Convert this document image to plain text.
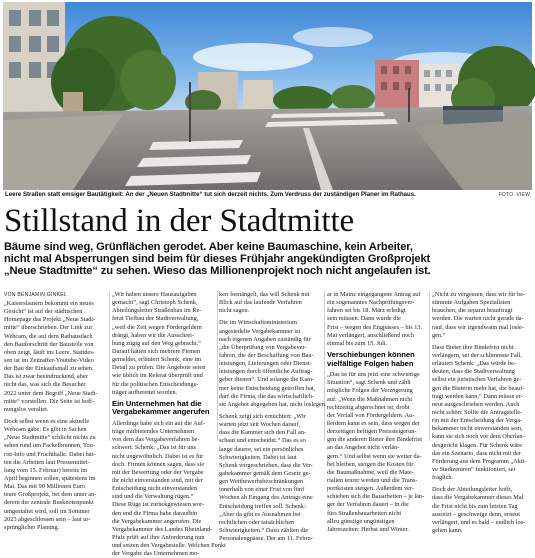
Leere Straßen statt emsiger Bautätigkeit: An der „Neuen Stadtmitte“ tut sich derzeit nichts. Zum Verdruss der zuständigen Planer im Rathaus.	FOTO: VIEW
Stillstand in der Stadtmitte
Bäume sind weg, Grünflächen gerodet. Aber keine Baumaschine, kein Arbeiter,
nicht mal Absperrungen sind beim für dieses Frühjahr angekündigten Großprojekt
„Neue Stadtmitte“ zu sehen. Wieso das Millionenprojekt noch nicht angelaufen ist.
VON BENJAMIN GINKEL
„Kaiserslautern bekommt ein neues
Gesicht“ ist auf der städtischen
Homepage das Projekt „Neue Stadt-
mitte“ überschrieben. Der Link zur
Webcam, die auf dem Rathausdach
den Bauforschritt der Baustelle von
oben zeigt, läuft ins Leere. Stattdes-
sen ist im Zeitraffer-Youtube-Video
der Bau der Einkaufsmall zu sehen.
Das ist zwar beeindruckend, aber
nicht das, was sich die Besucher
2022 unter dem Begriff „Neue Stadt-
mitte“ vorstellen. Die Seite ist hoff-
nungslos veraltet.
Doch selbst wenn es eine aktuelle
Webcam gäbe: Es gibt in Sachen
„Neue Stadtmitte“ schlicht nichts zu
sehen rund um Fackelbrunnen, Tou-
rist-Info und Fruchthalle. Dabei hät-
ten die Arbeiten laut Pressemittei-
lung vom 15. Februar) bereits im
April beginnen sollen, spätestens im
Mai. Das mit 90 Millionen Euro
teure Großprojekt, bei dem unter an-
derem der zentrale Busknotenpunkt
umgestaltet wird, soll im Sommer
2023 abgeschlossen sein – laut ur-
sprünglicher Planung.
„Wir haben unsere Hausaufgaben
gemacht“, sagt Christoph Schenk,
Abteilungsleiter Straßenbau im Re-
ferat Tiefbau der Stadtverwaltung,
„weil die Zeit wegen Fördergeldern
drängt, haben wir die Ausschrei-
bung zügig auf den Weg gebracht.“
Darauf hätten sich mehrere Firmen
gemeldet, erläutert Schenk, eine im
Detail zu prüfen. Die Angebote seien
wie üblich im Referat überprüft und
für die politischen Entscheidungs-
träger aufbereitet worden.
Ein Unternehmen hat die
Vergabekammer angerufen
Allerdings habe sich ein auf die Auf-
träge mitbietendes Unternehmen
von dem das Vergabeverfahren be-
schwert. Schenk: „Das ist für uns
nicht ungewöhnlich. Dabei ist es für
doch. Firmen können sagen, dass sie
mit der Bewertung oder der Vergabe
ihr nicht einverstanden sind, mit der
Entscheidung nicht einverstanden
sind und die Verwaltung rügen.“
Diese Rüge ist zurückgewiesen wor-
den und die Firma habe daraufhin
die Vergabekammer angerufen. Die
Vergabekammer des Landes Rheinland-
Pfalz prüft auf ihre Anforderung nun
und setzen den Vergabestelle. Welchen Punkt
der Vergabe das Unternehmen mo-
kert bemängelt, das will Schenk mit
Blick auf das laufende Verfahren
nicht sagen.
Die im Wirtschaftsministerium
angesiedelte Vergabekammer ist
nach eigenen Angaben zuständig für
„die Überprüfung von Vergabever-
fahren, die der Beschaffung von Bau-
leistungen, Lieferungen oder Dienst-
leistungen durch öffentliche Auftrag-
geber dienen“. Und solange die Kam-
mer keine Entscheidung getroffen hat,
darf die Firma, die das wirtschaftlich-
ste Angebot abgegeben hat, nicht loslegen.
Schenk zeigt sich ernüchtert: „Wir
warten jetzt seit Wochen darauf,
dass die Kammer sich den Fall an-
schaut und entscheidet.“ Das es so
lange dauere, sei ein persönliches
Schwierigkeiten. Dabei ist laut
Schenk vorgeschrieben, dass die Ver-
gabekammer gemäß dem Gesetz ge-
gen Wettbewerbsbeschränkungen
innerhalb von einer Frist von fünf
Wochen ab Eingang des Antrags eine
Entscheidung treffen soll. Schenk:
„Aber da gibt es Ausnahmen bei
rechtlichen oder tatsächlichen
Schwierigkeiten.“ Dazu zählten die
Personalengpässe. Der am 11. Febru-
ar in Mainz eingegangene Antrag auf
ein sogenanntes Nachprüfungsver-
fahren sei bis 18. März erledigt
sein müssen. Dann wurde die
Frist – wegen des Engpasses – bis 13.
Mai verlängert, anschließend noch
einmal bis zum 15. Juli.
Verschiebungen können
vielfältige Folgen haben
„Das ist für uns jetzt eine schwierige
Situation“, sagt Schenk und zählt
mögliche Folgen der Verzögerung
auf: „Wenn die Maßnahmen nicht
rechtzeitig abgerechnet ist, droht
der Verfall von Fördergeldern. Au-
ßerdem kann es sein, dass wegen der
derzeitigen heftigen Preissteigerun-
gen die anderen Bieter ihre Bindefrist
an das Angebot nicht verlän-
gern.“ Und selbst wenn sie weiter da-
bei bleiben, steigen die Kosten für
die Baumaßnahme, weil die Mate-
rialien teurer werden und die Trans-
portkosten steigen. Außerdem ver-
schieben sich die Bauarbeiten – je län-
ger der Verfahren dauert – in die
fürs Straßenbauarbeiten nicht
allzu günstige ungünstigen
Jahreszeiten: Herbst und Winter.
„Nicht zu vergessen, dass wir für be-
stimmte Aufgaben Spezialisten
brauchen, die separat beauftragt
werden. Die warten nicht gerade da-
rauf, dass wir irgendwann mal losle-
gen.“
Dass Bieter ihre Bindefrist nicht
verlängern, sei der schlimmste Fall,
erläutert Schenk: „Das würde be-
deuten, dass die Stadtverwaltung
selbst ein juristisches Verfahren ge-
gen die Bieterin mehr hat, die beauf-
tragt werden kann.“ Dann müsse er-
neut ausgeschrieben werden. Auch
nicht schön: Sollte die Antragstelle-
rin mit der Entscheidung der Verga-
bekammer nicht einverstanden sein,
kann sie sich noch vor dem Oberlan-
desgericht klagen. Für Schenk wäre
das ein Szenario, dass nicht mit der
Förderung aus dem Programm „Akti-
ve Stadtzentren“ funktioniert, sei
fraglich.
Doch der Abteilungsleiter hofft,
dass die Vergabekammer dieses Mal
die Frist nicht bis zum letzten Tag
ausreizt – geschweige denn, erneut
verlängert, und es bald – endlich los-
gehen kann.
